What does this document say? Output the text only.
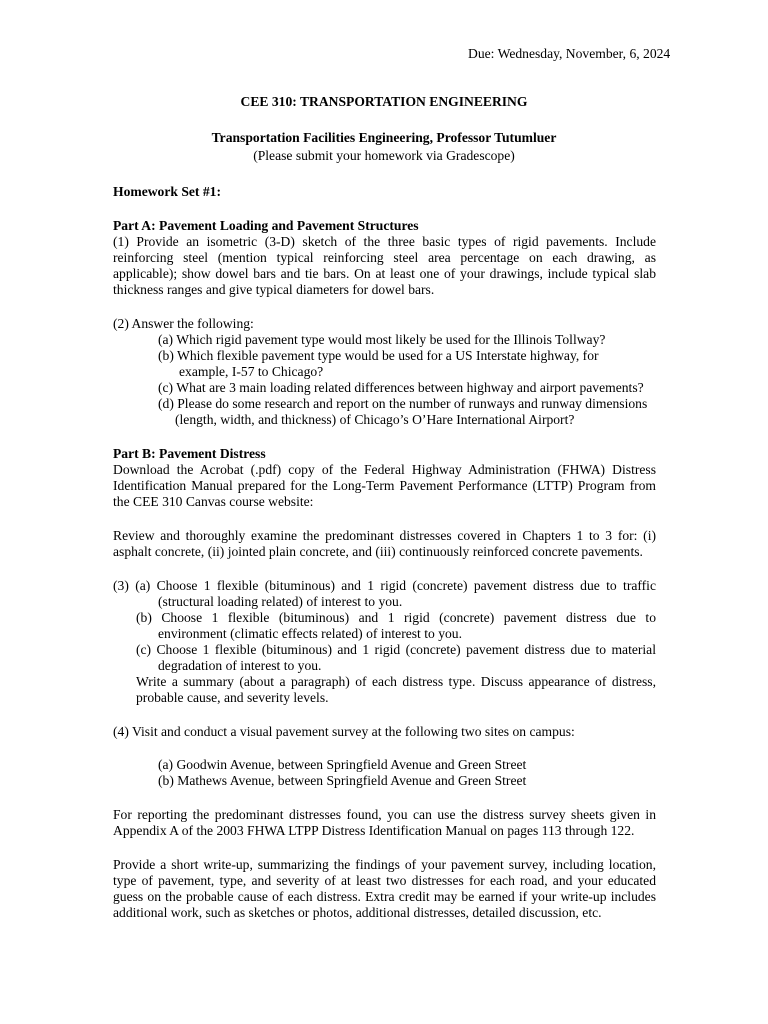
Due: Wednesday, November, 6, 2024
CEE 310: TRANSPORTATION ENGINEERING
Transportation Facilities Engineering, Professor Tutumluer
(Please submit your homework via Gradescope)
Homework Set #1:
Part A: Pavement Loading and Pavement Structures
(1) Provide an isometric (3-D) sketch of the three basic types of rigid pavements. Include
reinforcing steel (mention typical reinforcing steel area percentage on each drawing, as
applicable); show dowel bars and tie bars. On at least one of your drawings, include typical slab
thickness ranges and give typical diameters for dowel bars.
(2) Answer the following:
(a) Which rigid pavement type would most likely be used for the Illinois Tollway?
(b) Which flexible pavement type would be used for a US Interstate highway, for
example, I-57 to Chicago?
(c) What are 3 main loading related differences between highway and airport pavements?
(d) Please do some research and report on the number of runways and runway dimensions
(length, width, and thickness) of Chicago’s O’Hare International Airport?
Part B: Pavement Distress
Download the Acrobat (.pdf) copy of the Federal Highway Administration (FHWA) Distress
Identification Manual prepared for the Long-Term Pavement Performance (LTTP) Program from
the CEE 310 Canvas course website:
Review and thoroughly examine the predominant distresses covered in Chapters 1 to 3 for: (i)
asphalt concrete, (ii) jointed plain concrete, and (iii) continuously reinforced concrete pavements.
(3) (a) Choose 1 flexible (bituminous) and 1 rigid (concrete) pavement distress due to traffic
(structural loading related) of interest to you.
(b) Choose 1 flexible (bituminous) and 1 rigid (concrete) pavement distress due to
environment (climatic effects related) of interest to you.
(c) Choose 1 flexible (bituminous) and 1 rigid (concrete) pavement distress due to material
degradation of interest to you.
Write a summary (about a paragraph) of each distress type. Discuss appearance of distress,
probable cause, and severity levels.
(4) Visit and conduct a visual pavement survey at the following two sites on campus:
(a) Goodwin Avenue, between Springfield Avenue and Green Street
(b) Mathews Avenue, between Springfield Avenue and Green Street
For reporting the predominant distresses found, you can use the distress survey sheets given in
Appendix A of the 2003 FHWA LTPP Distress Identification Manual on pages 113 through 122.
Provide a short write-up, summarizing the findings of your pavement survey, including location,
type of pavement, type, and severity of at least two distresses for each road, and your educated
guess on the probable cause of each distress. Extra credit may be earned if your write-up includes
additional work, such as sketches or photos, additional distresses, detailed discussion, etc.
